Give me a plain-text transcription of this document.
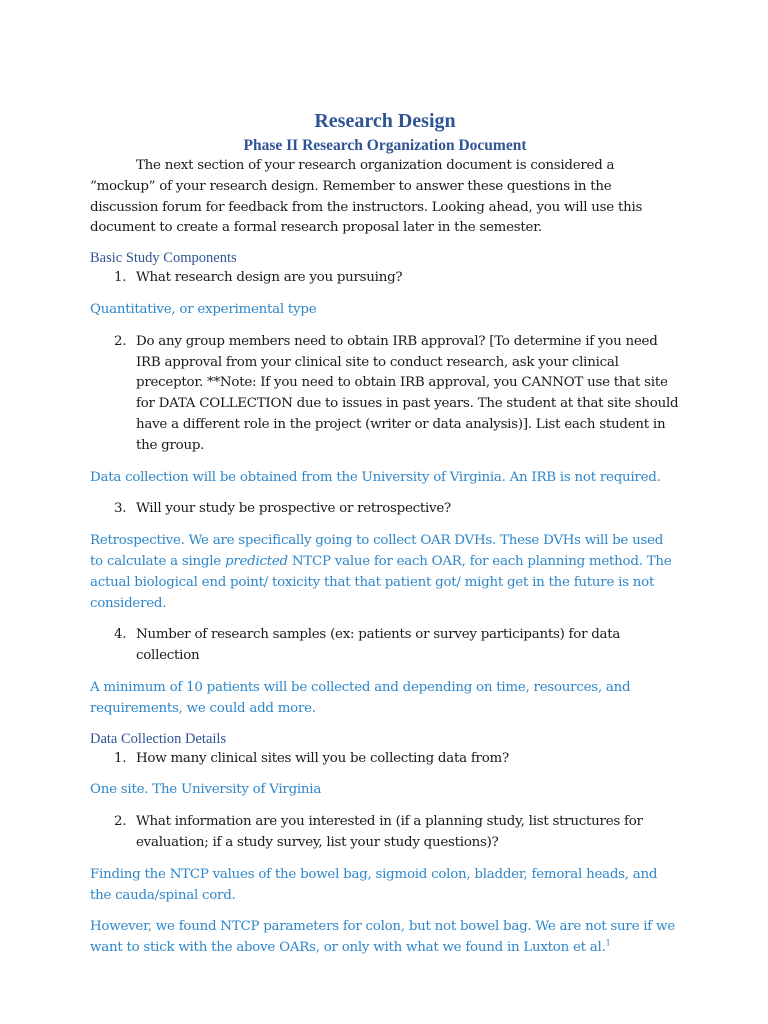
Research Design
Phase II Research Organization Document

The next section of your research organization document is considered a “mockup” of your research design. Remember to answer these questions in the discussion forum for feedback from the instructors. Looking ahead, you will use this document to create a formal research proposal later in the semester.

Basic Study Components
1. What research design are you pursuing?

Quantitative, or experimental type

2. Do any group members need to obtain IRB approval? [To determine if you need IRB approval from your clinical site to conduct research, ask your clinical preceptor. **Note: If you need to obtain IRB approval, you CANNOT use that site for DATA COLLECTION due to issues in past years. The student at that site should have a different role in the project (writer or data analysis)]. List each student in the group.

Data collection will be obtained from the University of Virginia. An IRB is not required.

3. Will your study be prospective or retrospective?

Retrospective. We are specifically going to collect OAR DVHs. These DVHs will be used to calculate a single predicted NTCP value for each OAR, for each planning method. The actual biological end point/ toxicity that that patient got/ might get in the future is not considered.

4. Number of research samples (ex: patients or survey participants) for data collection

A minimum of 10 patients will be collected and depending on time, resources, and requirements, we could add more.

Data Collection Details
1. How many clinical sites will you be collecting data from?

One site. The University of Virginia

2. What information are you interested in (if a planning study, list structures for evaluation; if a study survey, list your study questions)?

Finding the NTCP values of the bowel bag, sigmoid colon, bladder, femoral heads, and the cauda/spinal cord.

However, we found NTCP parameters for colon, but not bowel bag. We are not sure if we want to stick with the above OARs, or only with what we found in Luxton et al.$^1$
